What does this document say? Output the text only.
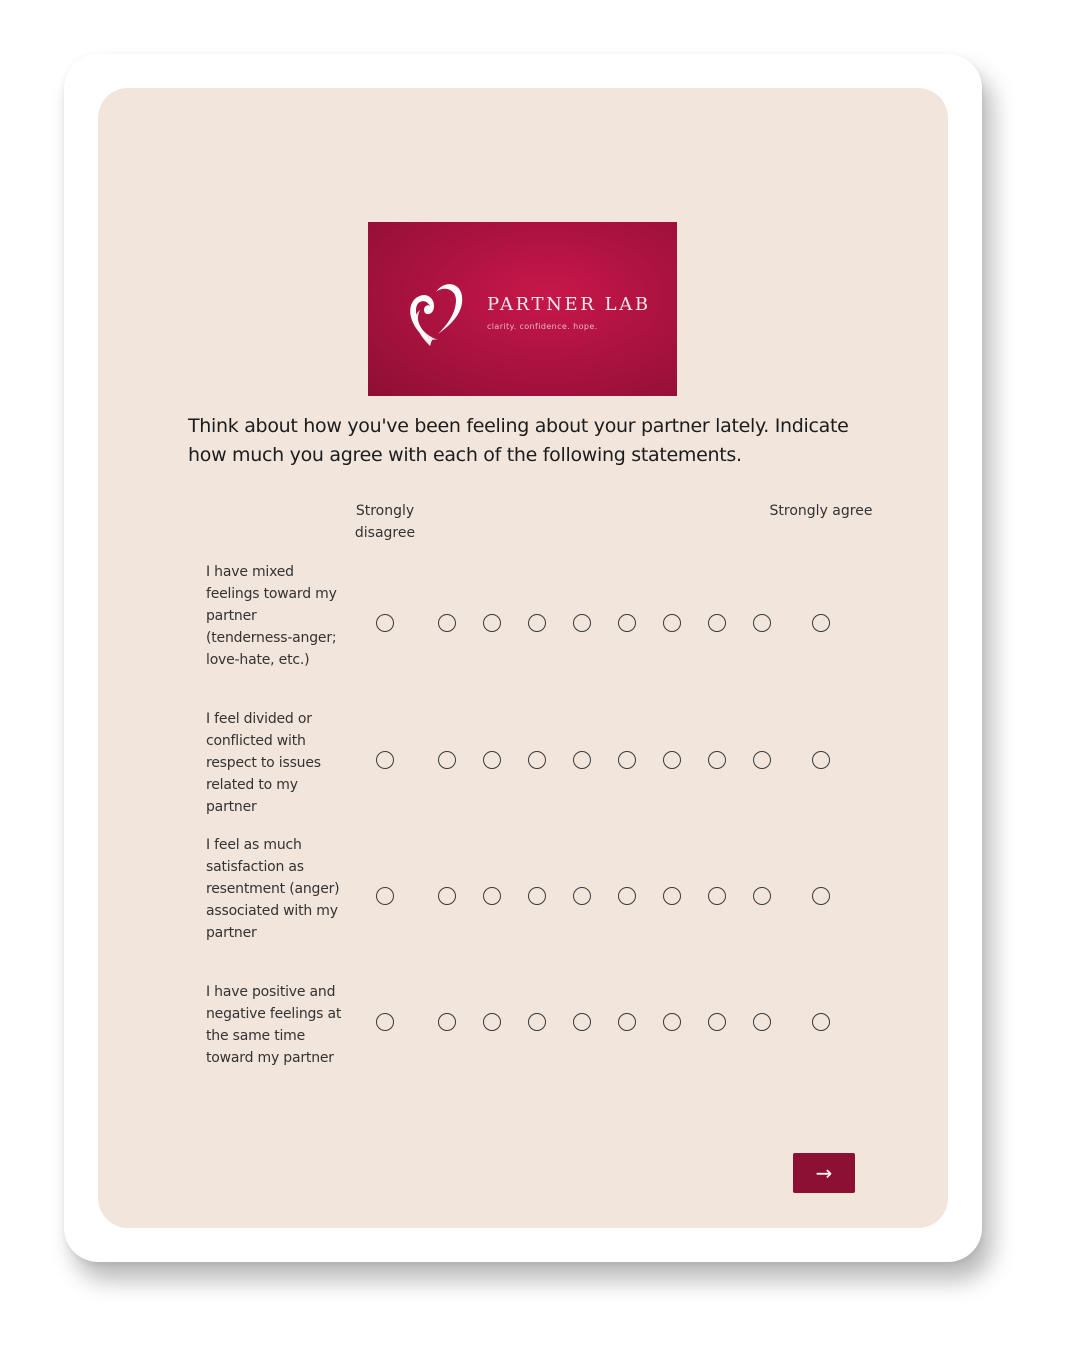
PARTNER LAB
clarity. confidence. hope.
Think about how you've been feeling about your partner lately. Indicate how much you agree with each of the following statements.
Strongly disagree
Strongly agree
I have mixed feelings toward my partner (tenderness-anger; love-hate, etc.)
I feel divided or conflicted with respect to issues related to my partner
I feel as much satisfaction as resentment (anger) associated with my partner
I have positive and negative feelings at the same time toward my partner
→
